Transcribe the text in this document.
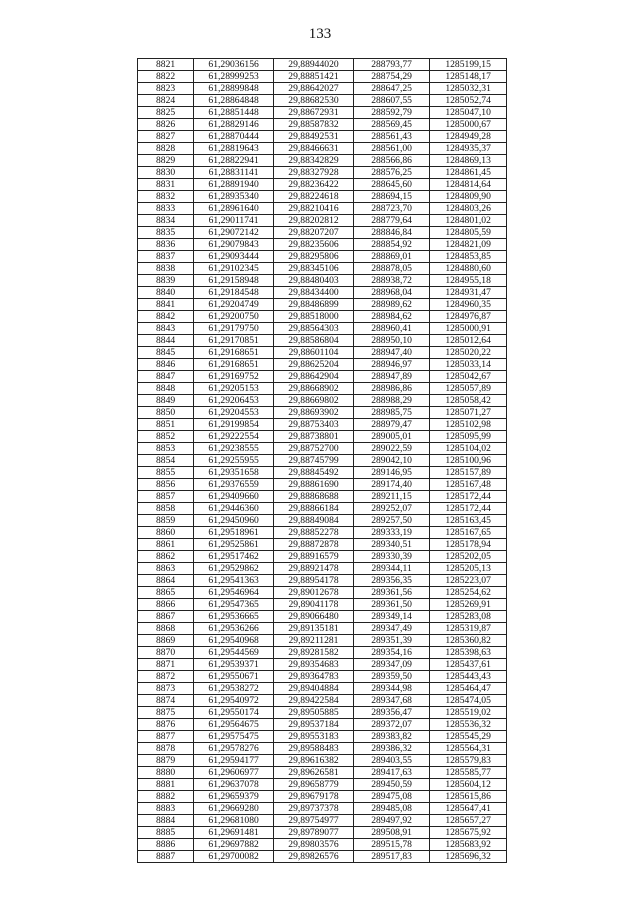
133
8821	61,29036156	29,88944020	288793,77	1285199,15
8822	61,28999253	29,88851421	288754,29	1285148,17
8823	61,28899848	29,88642027	288647,25	1285032,31
8824	61,28864848	29,88682530	288607,55	1285052,74
8825	61,28851448	29,88672931	288592,79	1285047,10
8826	61,28829146	29,88587832	288569,45	1285000,67
8827	61,28870444	29,88492531	288561,43	1284949,28
8828	61,28819643	29,88466631	288561,00	1284935,37
8829	61,28822941	29,88342829	288566,86	1284869,13
8830	61,28831141	29,88327928	288576,25	1284861,45
8831	61,28891940	29,88236422	288645,60	1284814,64
8832	61,28935340	29,88224618	288694,15	1284809,90
8833	61,28961640	29,88210416	288723,70	1284803,26
8834	61,29011741	29,88202812	288779,64	1284801,02
8835	61,29072142	29,88207207	288846,84	1284805,59
8836	61,29079843	29,88235606	288854,92	1284821,09
8837	61,29093444	29,88295806	288869,01	1284853,85
8838	61,29102345	29,88345106	288878,05	1284880,60
8839	61,29158948	29,88480403	288938,72	1284955,18
8840	61,29184548	29,88434400	288968,04	1284931,47
8841	61,29204749	29,88486899	288989,62	1284960,35
8842	61,29200750	29,88518000	288984,62	1284976,87
8843	61,29179750	29,88564303	288960,41	1285000,91
8844	61,29170851	29,88586804	288950,10	1285012,64
8845	61,29168651	29,88601104	288947,40	1285020,22
8846	61,29168651	29,88625204	288946,97	1285033,14
8847	61,29169752	29,88642904	288947,89	1285042,67
8848	61,29205153	29,88668902	288986,86	1285057,89
8849	61,29206453	29,88669802	288988,29	1285058,42
8850	61,29204553	29,88693902	288985,75	1285071,27
8851	61,29199854	29,88753403	288979,47	1285102,98
8852	61,29222554	29,88738801	289005,01	1285095,99
8853	61,29238555	29,88752700	289022,59	1285104,02
8854	61,29255955	29,88745799	289042,10	1285100,96
8855	61,29351658	29,88845492	289146,95	1285157,89
8856	61,29376559	29,88861690	289174,40	1285167,48
8857	61,29409660	29,88868688	289211,15	1285172,44
8858	61,29446360	29,88866184	289252,07	1285172,44
8859	61,29450960	29,88849084	289257,50	1285163,45
8860	61,29518961	29,88852278	289333,19	1285167,65
8861	61,29525861	29,88872878	289340,51	1285178,94
8862	61,29517462	29,88916579	289330,39	1285202,05
8863	61,29529862	29,88921478	289344,11	1285205,13
8864	61,29541363	29,88954178	289356,35	1285223,07
8865	61,29546964	29,89012678	289361,56	1285254,62
8866	61,29547365	29,89041178	289361,50	1285269,91
8867	61,29536665	29,89066480	289349,14	1285283,08
8868	61,29536266	29,89135181	289347,49	1285319,87
8869	61,29540968	29,89211281	289351,39	1285360,82
8870	61,29544569	29,89281582	289354,16	1285398,63
8871	61,29539371	29,89354683	289347,09	1285437,61
8872	61,29550671	29,89364783	289359,50	1285443,43
8873	61,29538272	29,89404884	289344,98	1285464,47
8874	61,29540972	29,89422584	289347,68	1285474,05
8875	61,29550174	29,89505885	289356,47	1285519,02
8876	61,29564675	29,89537184	289372,07	1285536,32
8877	61,29575475	29,89553183	289383,82	1285545,29
8878	61,29578276	29,89588483	289386,32	1285564,31
8879	61,29594177	29,89616382	289403,55	1285579,83
8880	61,29606977	29,89626581	289417,63	1285585,77
8881	61,29637078	29,89658779	289450,59	1285604,12
8882	61,29659379	29,89679178	289475,08	1285615,86
8883	61,29669280	29,89737378	289485,08	1285647,41
8884	61,29681080	29,89754977	289497,92	1285657,27
8885	61,29691481	29,89789077	289508,91	1285675,92
8886	61,29697882	29,89803576	289515,78	1285683,92
8887	61,29700082	29,89826576	289517,83	1285696,32
